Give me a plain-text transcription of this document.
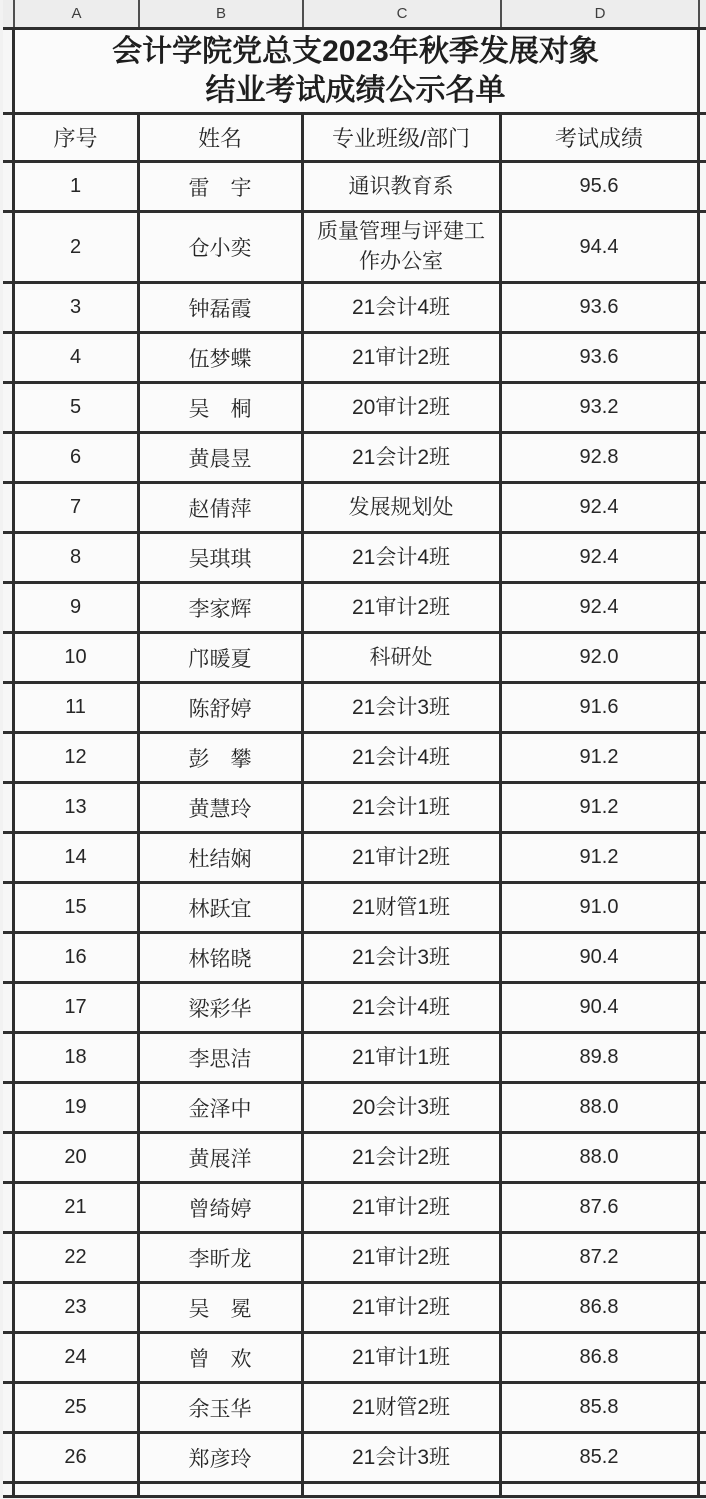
A	B	C	D
	会计学院党总支2023年秋季发展对象
结业考试成绩公示名单				
	序号	姓名	专业班级/部门	考试成绩	
	1	雷　宇	通识教育系	95.6	
	2	仓小奕	质量管理与评建工作办公室	94.4	
	3	钟磊霞	21会计4班	93.6	
	4	伍梦蝶	21审计2班	93.6	
	5	吴　桐	20审计2班	93.2	
	6	黄晨昱	21会计2班	92.8	
	7	赵倩萍	发展规划处	92.4	
	8	吴琪琪	21会计4班	92.4	
	9	李家辉	21审计2班	92.4	
	10	邝暖夏	科研处	92.0	
	11	陈舒婷	21会计3班	91.6	
	12	彭　攀	21会计4班	91.2	
	13	黄慧玲	21会计1班	91.2	
	14	杜结娴	21审计2班	91.2	
	15	林跃宜	21财管1班	91.0	
	16	林铭晓	21会计3班	90.4	
	17	梁彩华	21会计4班	90.4	
	18	李思洁	21审计1班	89.8	
	19	金泽中	20会计3班	88.0	
	20	黄展洋	21会计2班	88.0	
	21	曾绮婷	21审计2班	87.6	
	22	李昕龙	21审计2班	87.2	
	23	吴　冕	21审计2班	86.8	
	24	曾　欢	21审计1班	86.8	
	25	余玉华	21财管2班	85.8	
	26	郑彦玲	21会计3班	85.2	
